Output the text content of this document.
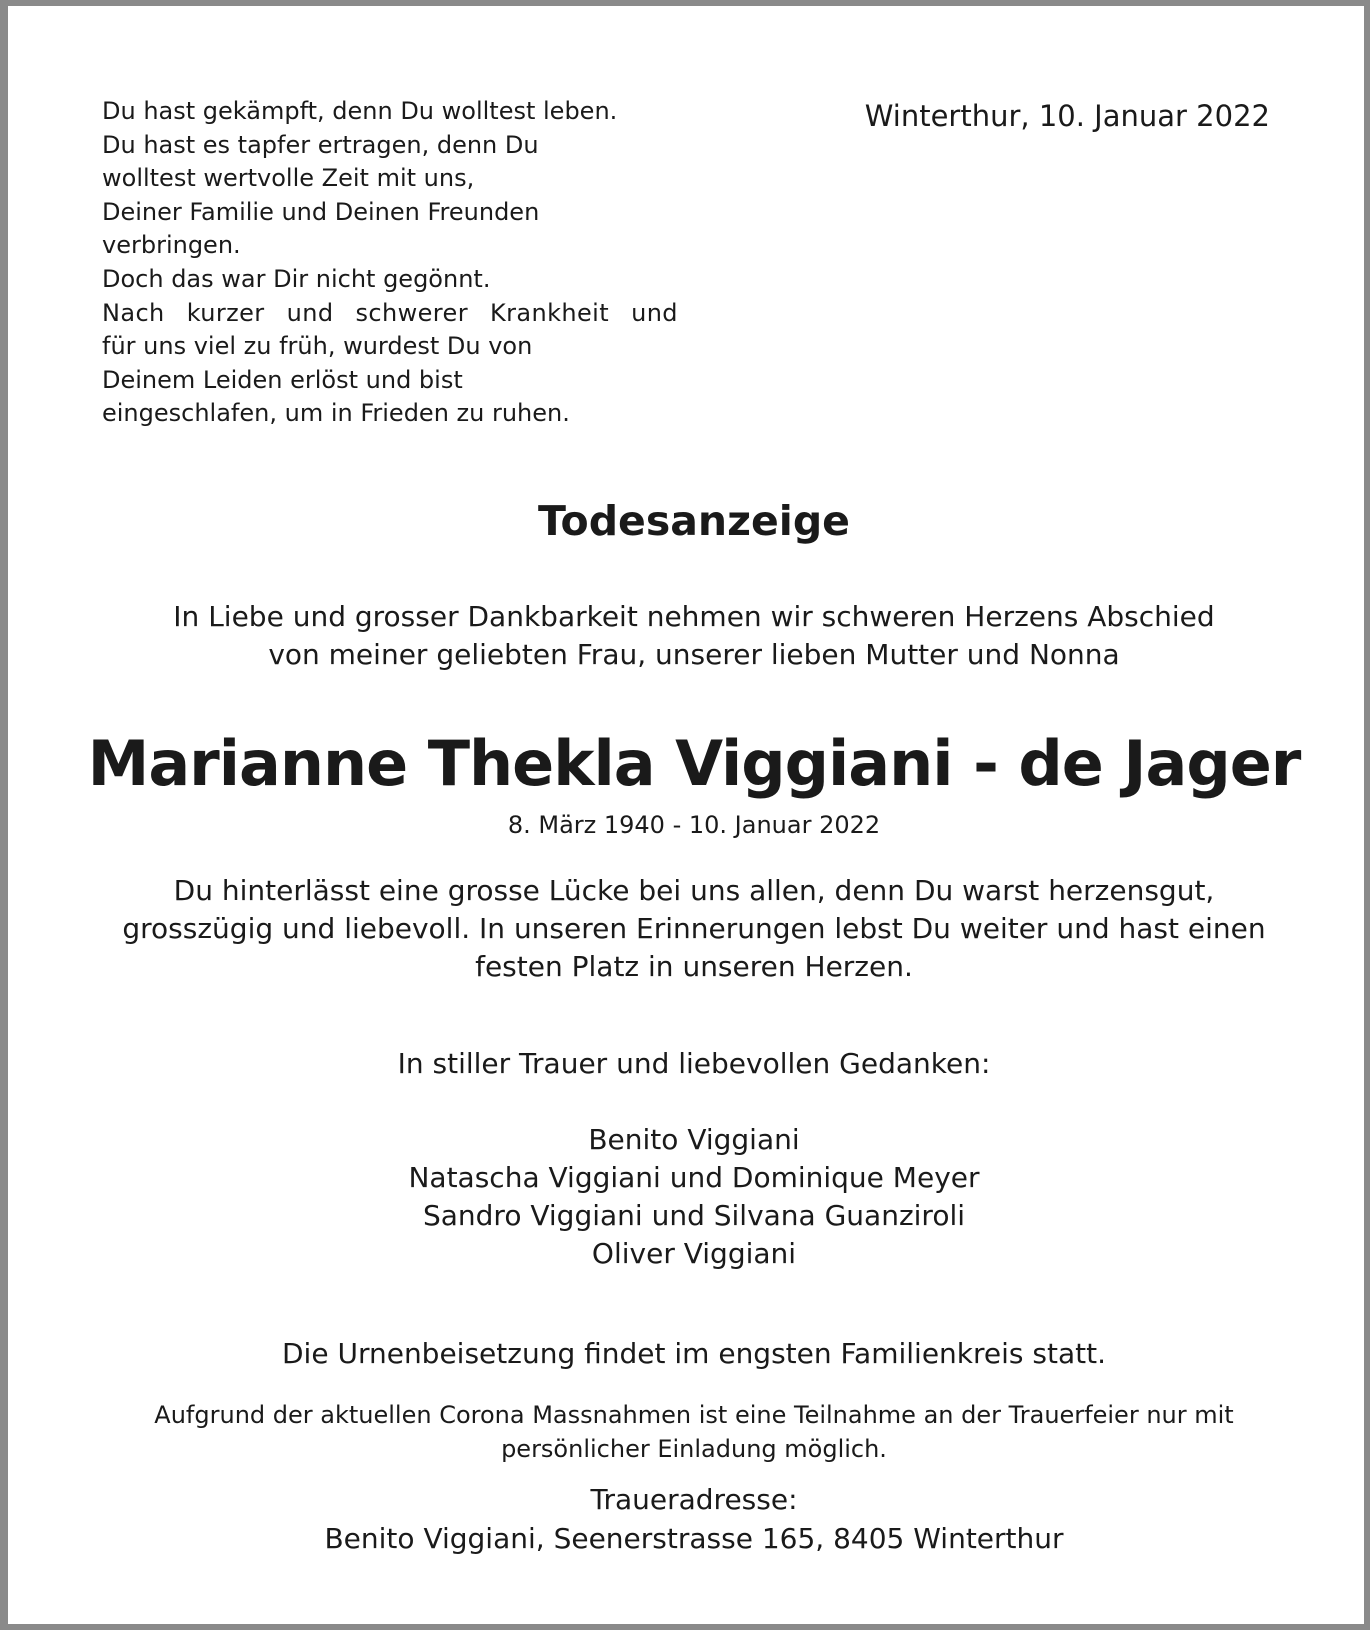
Du hast gekämpft, denn Du wolltest leben.
Du hast es tapfer ertragen, denn Du
wolltest wertvolle Zeit mit uns,
Deiner Familie und Deinen Freunden
verbringen.
Doch das war Dir nicht gegönnt.
Nach kurzer und schwerer Krankheit und
für uns viel zu früh, wurdest Du von
Deinem Leiden erlöst und bist
eingeschlafen, um in Frieden zu ruhen.
Winterthur, 10. Januar 2022
Todesanzeige
In Liebe und grosser Dankbarkeit nehmen wir schweren Herzens Abschied
von meiner geliebten Frau, unserer lieben Mutter und Nonna
Marianne Thekla Viggiani - de Jager
8. März 1940 - 10. Januar 2022
Du hinterlässt eine grosse Lücke bei uns allen, denn Du warst herzensgut,
grosszügig und liebevoll. In unseren Erinnerungen lebst Du weiter und hast einen
festen Platz in unseren Herzen.
In stiller Trauer und liebevollen Gedanken:
Benito Viggiani
Natascha Viggiani und Dominique Meyer
Sandro Viggiani und Silvana Guanziroli
Oliver Viggiani
Die Urnenbeisetzung findet im engsten Familienkreis statt.
Aufgrund der aktuellen Corona Massnahmen ist eine Teilnahme an der Trauerfeier nur mit
persönlicher Einladung möglich.
Traueradresse:
Benito Viggiani, Seenerstrasse 165, 8405 Winterthur
